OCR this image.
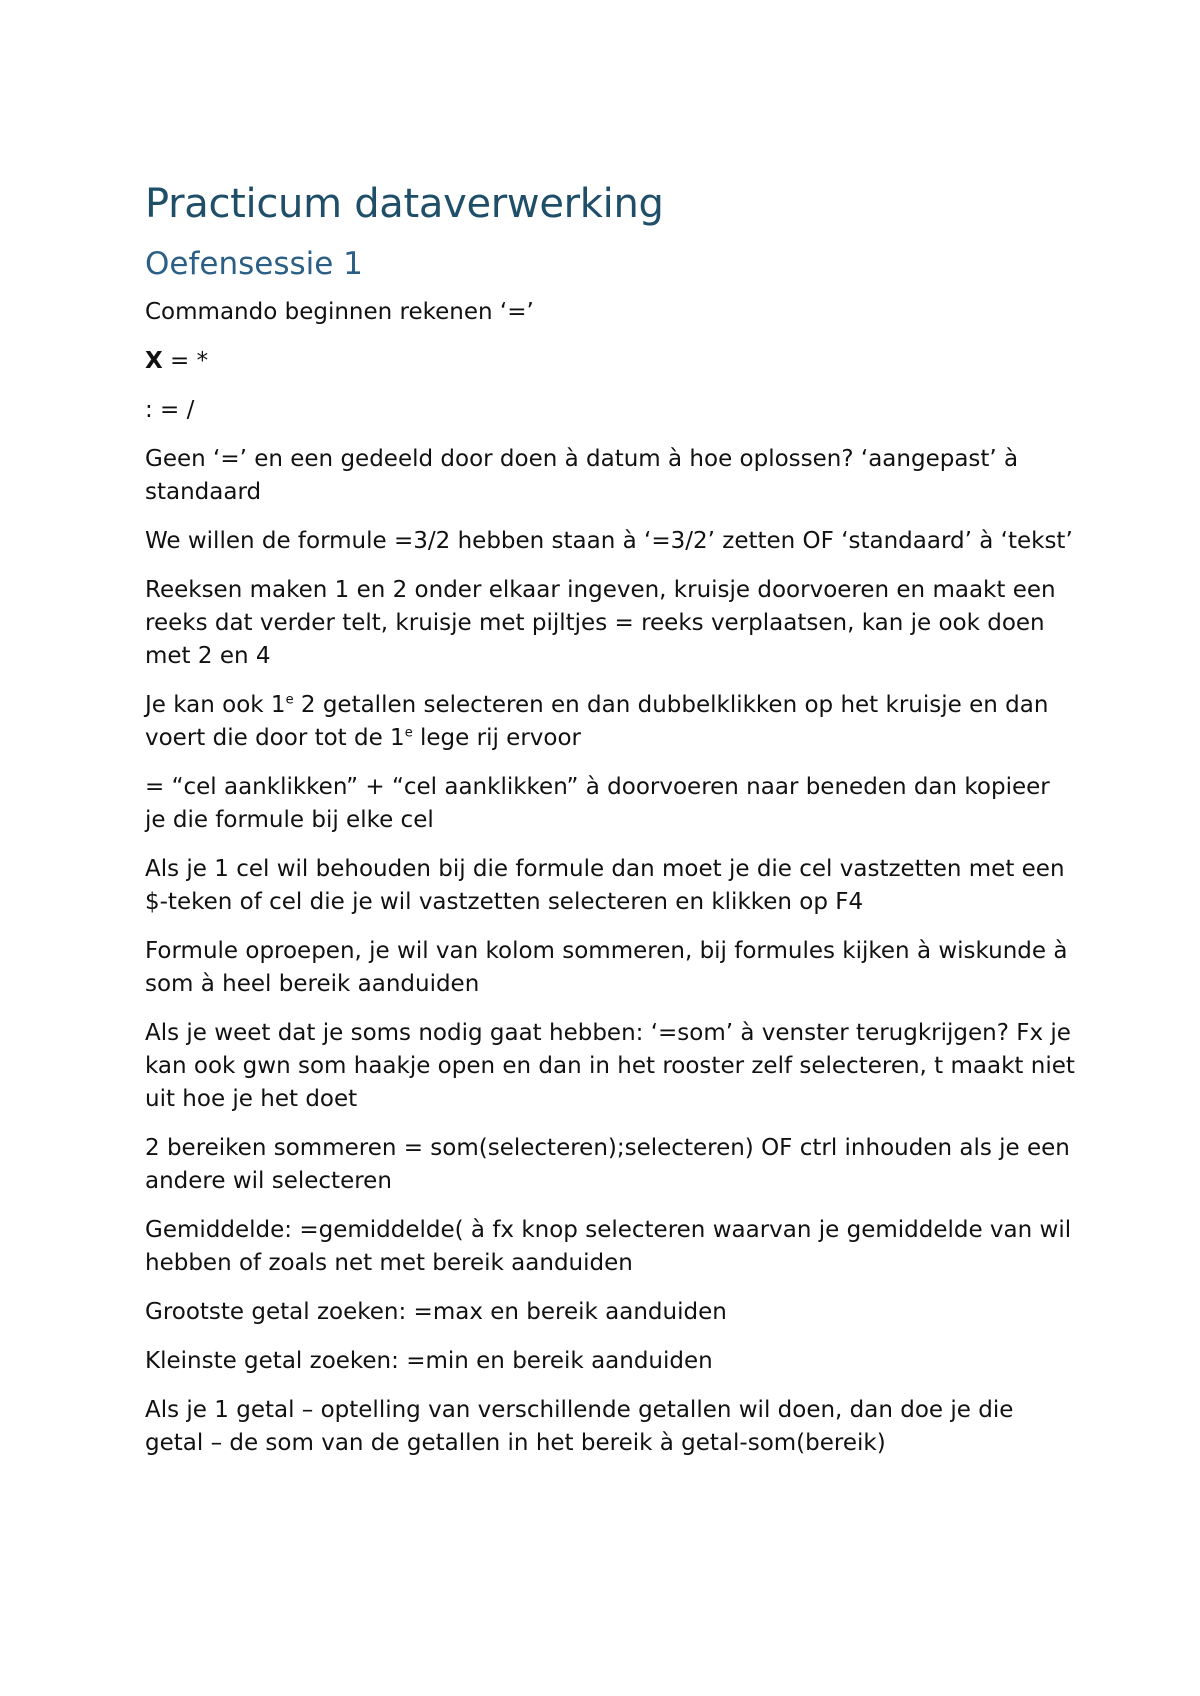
Practicum dataverwerking
Oefensessie 1

Commando beginnen rekenen ‘=’

X = *

: = /

Geen ‘=’ en een gedeeld door doen à datum à hoe oplossen? ‘aangepast’ à standaard

We willen de formule =3/2 hebben staan à ‘=3/2’ zetten OF ‘standaard’ à ‘tekst’

Reeksen maken 1 en 2 onder elkaar ingeven, kruisje doorvoeren en maakt een reeks dat verder telt, kruisje met pijltjes = reeks verplaatsen, kan je ook doen met 2 en 4

Je kan ook 1e 2 getallen selecteren en dan dubbelklikken op het kruisje en dan voert die door tot de 1e lege rij ervoor

= “cel aanklikken” + “cel aanklikken” à doorvoeren naar beneden dan kopieer je die formule bij elke cel

Als je 1 cel wil behouden bij die formule dan moet je die cel vastzetten met een $-teken of cel die je wil vastzetten selecteren en klikken op F4

Formule oproepen, je wil van kolom sommeren, bij formules kijken à wiskunde à som à heel bereik aanduiden

Als je weet dat je soms nodig gaat hebben: ‘=som’ à venster terugkrijgen? Fx je kan ook gwn som haakje open en dan in het rooster zelf selecteren, t maakt niet uit hoe je het doet

2 bereiken sommeren = som(selecteren);selecteren) OF ctrl inhouden als je een andere wil selecteren

Gemiddelde: =gemiddelde( à fx knop selecteren waarvan je gemiddelde van wil hebben of zoals net met bereik aanduiden

Grootste getal zoeken: =max en bereik aanduiden

Kleinste getal zoeken: =min en bereik aanduiden

Als je 1 getal – optelling van verschillende getallen wil doen, dan doe je die getal – de som van de getallen in het bereik à getal-som(bereik)
